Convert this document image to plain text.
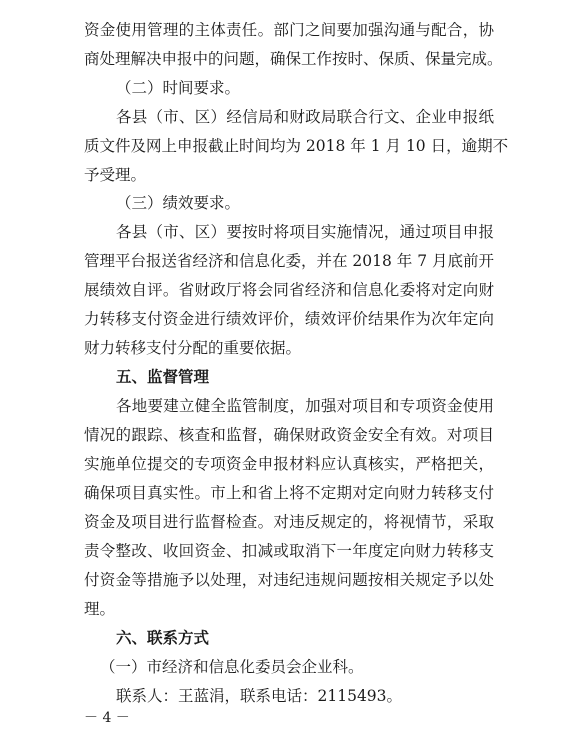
资金使用管理的主体责任。部门之间要加强沟通与配合，协
商处理解决申报中的问题，确保工作按时、保质、保量完成。
（二）时间要求。
各县（市、区）经信局和财政局联合行文、企业申报纸
质文件及网上申报截止时间均为 2018 年 1 月 10 日，逾期不
予受理。
（三）绩效要求。
各县（市、区）要按时将项目实施情况，通过项目申报
管理平台报送省经济和信息化委，并在 2018 年 7 月底前开
展绩效自评。省财政厅将会同省经济和信息化委将对定向财
力转移支付资金进行绩效评价，绩效评价结果作为次年定向
财力转移支付分配的重要依据。
五、监督管理
各地要建立健全监管制度，加强对项目和专项资金使用
情况的跟踪、核查和监督，确保财政资金安全有效。对项目
实施单位提交的专项资金申报材料应认真核实，严格把关，
确保项目真实性。市上和省上将不定期对定向财力转移支付
资金及项目进行监督检查。对违反规定的，将视情节，采取
责令整改、收回资金、扣减或取消下一年度定向财力转移支
付资金等措施予以处理，对违纪违规问题按相关规定予以处
理。
六、联系方式
（一）市经济和信息化委员会企业科。
联系人：王蓝涓，联系电话：2115493。
－ 4 －
